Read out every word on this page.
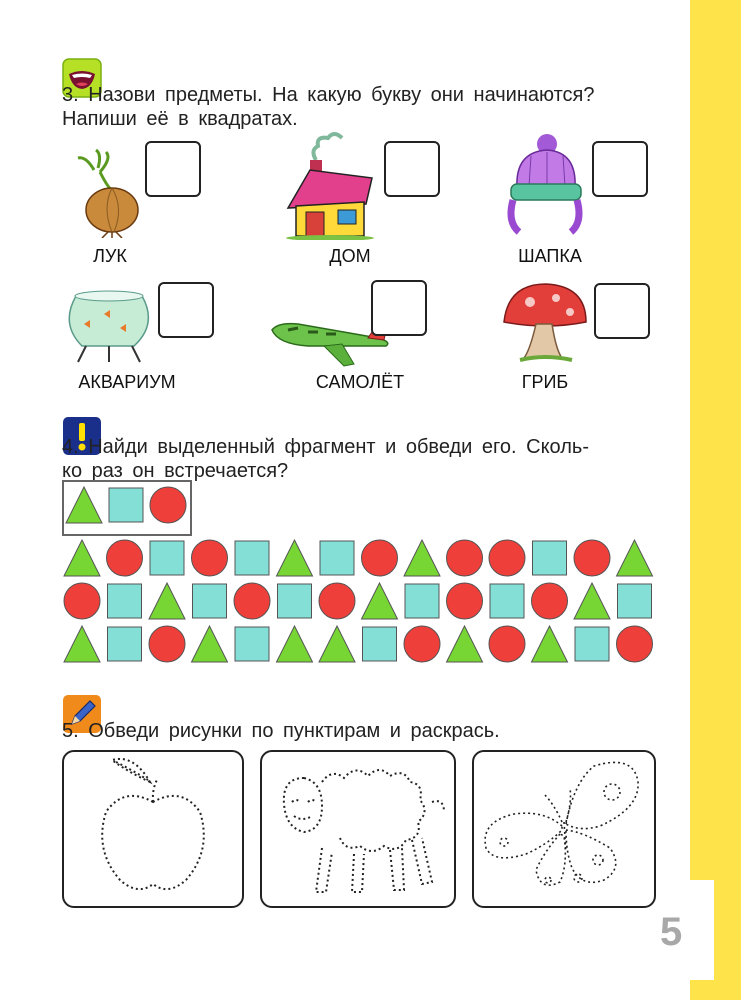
5
3. Назови предметы. На какую букву они начинаются?
Напиши её в квадратах.
ЛУК	ДОМ	ШАПКА
АКВАРИУМ	САМОЛЁТ	ГРИБ
4. Найди выделенный фрагмент и обведи его. Сколь-
ко раз он встречается?
5. Обведи рисунки по пунктирам и раскрась.
